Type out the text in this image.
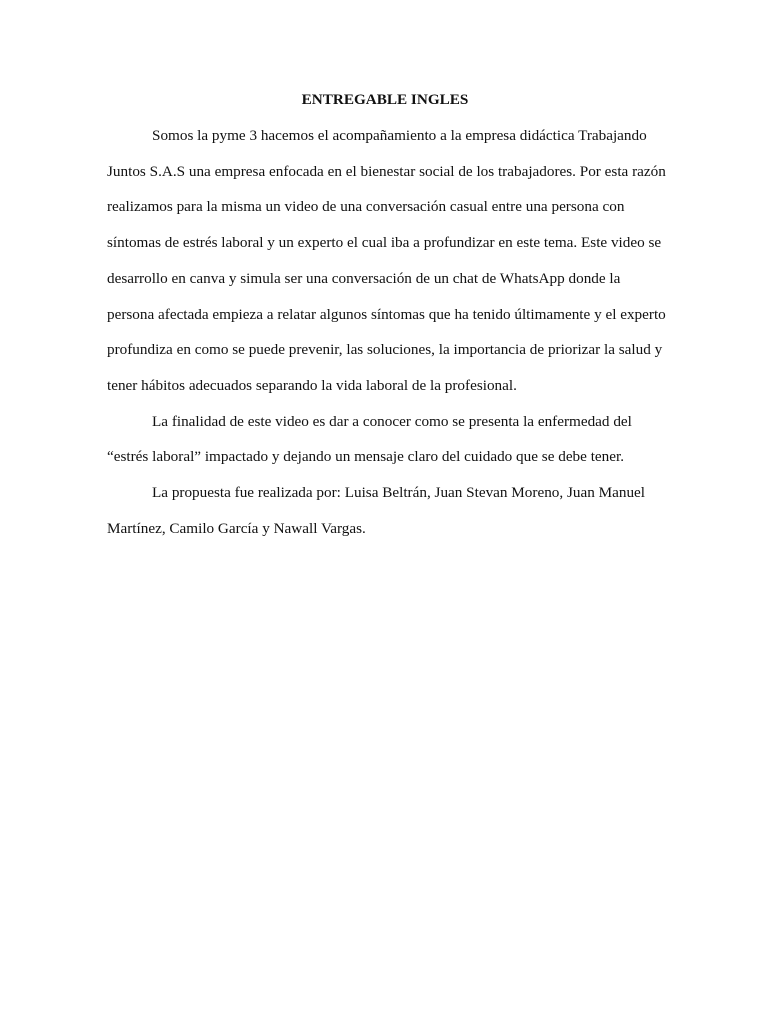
ENTREGABLE INGLES
Somos la pyme 3 hacemos el acompañamiento a la empresa didáctica Trabajando
Juntos S.A.S una empresa enfocada en el bienestar social de los trabajadores. Por esta razón
realizamos para la misma un video de una conversación casual entre una persona con
síntomas de estrés laboral y un experto el cual iba a profundizar en este tema. Este video se
desarrollo en canva y simula ser una conversación de un chat de WhatsApp donde la
persona afectada empieza a relatar algunos síntomas que ha tenido últimamente y el experto
profundiza en como se puede prevenir, las soluciones, la importancia de priorizar la salud y
tener hábitos adecuados separando la vida laboral de la profesional.
La finalidad de este video es dar a conocer como se presenta la enfermedad del
“estrés laboral” impactado y dejando un mensaje claro del cuidado que se debe tener.
La propuesta fue realizada por: Luisa Beltrán, Juan Stevan Moreno, Juan Manuel
Martínez, Camilo García y Nawall Vargas.
